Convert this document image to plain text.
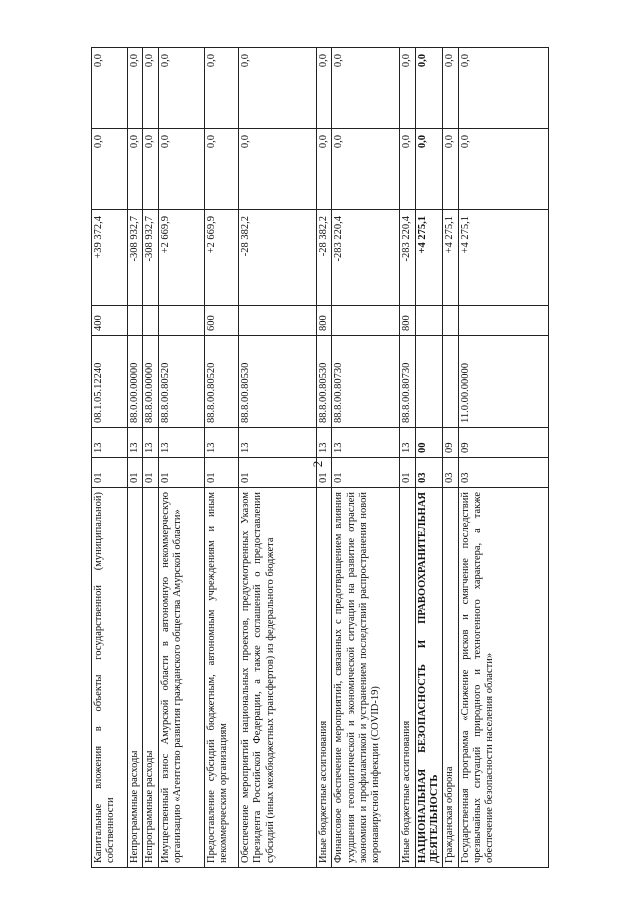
2
Капитальные вложения в объекты государственной (муниципальной) собственности	01	13	08.1.05.12240	400	+39 372,4	0,0	0,0
Непрограммные расходы	01	13	88.0.00.00000		-308 932,7	0,0	0,0
Непрограммные расходы	01	13	88.8.00.00000		-308 932,7	0,0	0,0
Имущественный взнос Амурской области в автономную некоммерческую организацию «Агентство развития гражданского общества Амурской области»	01	13	88.8.00.80520		+2 669,9	0,0	0,0
Предоставление субсидий бюджетным, автономным учреждениям и иным некоммерческим организациям	01	13	88.8.00.80520	600	+2 669,9	0,0	0,0
Обеспечение мероприятий национальных проектов, предусмотренных Указом Президента Российской Федерации, а также соглашений о предоставлении субсидий (иных межбюджетных трансфертов) из федерального бюджета	01	13	88.8.00.80530		-28 382,2	0,0	0,0
Иные бюджетные ассигнования	01	13	88.8.00.80530	800	-28 382,2	0,0	0,0
Финансовое обеспечение мероприятий, связанных с предотвращением влияния ухудшения геополитической и экономической ситуации на развитие отраслей экономики и профилактикой и устранением последствий распространения новой коронавирусной инфекции (COVID-19)	01	13	88.8.00.80730		-283 220,4	0,0	0,0
Иные бюджетные ассигнования	01	13	88.8.00.80730	800	-283 220,4	0,0	0,0
НАЦИОНАЛЬНАЯ БЕЗОПАСНОСТЬ И ПРАВООХРАНИТЕЛЬНАЯ ДЕЯТЕЛЬНОСТЬ	03	00			+4 275,1	0,0	0,0
Гражданская оборона	03	09			+4 275,1	0,0	0,0
Государственная программа «Снижение рисков и смягчение последствий чрезвычайных ситуаций природного и техногенного характера, а также обеспечение безопасности населения области»	03	09	11.0.00.00000		+4 275,1	0,0	0,0
